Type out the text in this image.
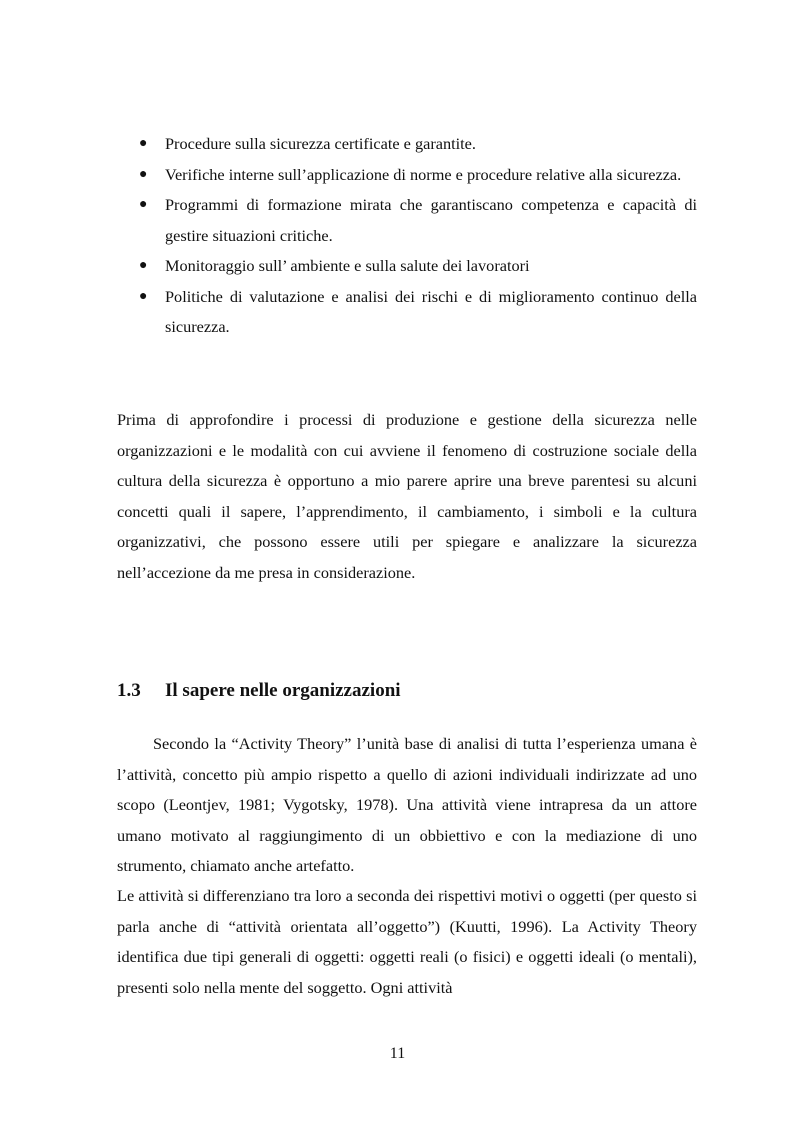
● Procedure sulla sicurezza certificate e garantite.
● Verifiche interne sull’applicazione di norme e procedure relative alla sicurezza.
● Programmi di formazione mirata che garantiscano competenza e capacità di gestire situazioni critiche.
● Monitoraggio sull’ ambiente e sulla salute dei lavoratori
● Politiche di valutazione e analisi dei rischi e di miglioramento continuo della sicurezza.

Prima di approfondire i processi di produzione e gestione della sicurezza nelle organizzazioni e le modalità con cui avviene il fenomeno di costruzione sociale della cultura della sicurezza è opportuno a mio parere aprire una breve parentesi su alcuni concetti quali il sapere, l’apprendimento, il cambiamento, i simboli e la cultura organizzativi, che possono essere utili per spiegare e analizzare la sicurezza nell’accezione da me presa in considerazione.

1.3 Il sapere nelle organizzazioni

Secondo la “Activity Theory” l’unità base di analisi di tutta l’esperienza umana è l’attività, concetto più ampio rispetto a quello di azioni individuali indirizzate ad uno scopo (Leontjev, 1981; Vygotsky, 1978). Una attività viene intrapresa da un attore umano motivato al raggiungimento di un obbiettivo e con la mediazione di uno strumento, chiamato anche artefatto.

Le attività si differenziano tra loro a seconda dei rispettivi motivi o oggetti (per questo si parla anche di “attività orientata all’oggetto”) (Kuutti, 1996). La Activity Theory identifica due tipi generali di oggetti: oggetti reali (o fisici) e oggetti ideali (o mentali), presenti solo nella mente del soggetto. Ogni attività

11
